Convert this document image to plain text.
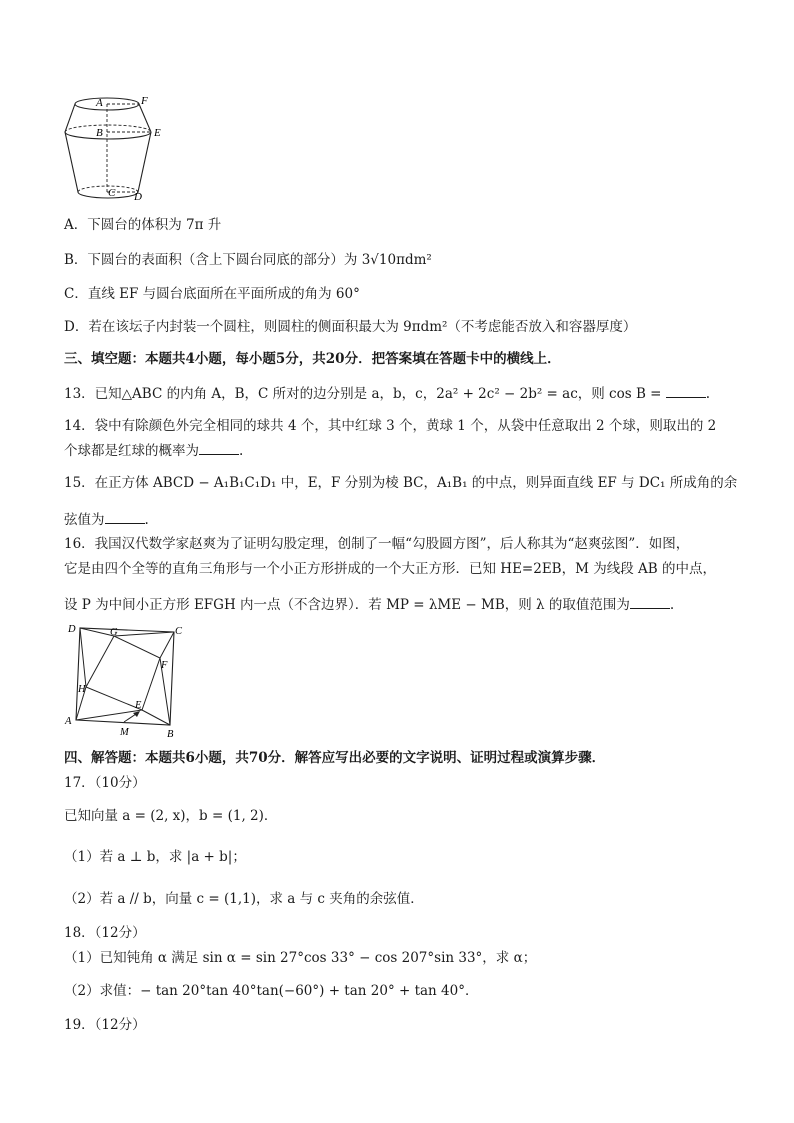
A	F
B	E
C D
A．下圆台的体积为 7π 升
B．下圆台的表面积（含上下圆台同底的部分）为 3√10πdm²
C．直线 EF 与圆台底面所在平面所成的角为 60°
D．若在该坛子内封装一个圆柱，则圆柱的侧面积最大为 9πdm²（不考虑能否放入和容器厚度）
三、填空题：本题共4小题，每小题5分，共20分．把答案填在答题卡中的横线上．
13．已知△ABC 的内角 A，B，C 所对的边分别是 a，b，c，2a² + 2c² − 2b² = ac，则 cos B =	.
14．袋中有除颜色外完全相同的球共 4 个，其中红球 3 个，黄球 1 个，从袋中任意取出 2 个球，则取出的 2
个球都是红球的概率为	.
15．在正方体 ABCD − A₁B₁C₁D₁ 中，E，F 分别为棱 BC，A₁B₁ 的中点，则异面直线 EF 与 DC₁ 所成角的余
弦值为	.
16．我国汉代数学家赵爽为了证明勾股定理，创制了一幅“勾股圆方图”，后人称其为“赵爽弦图”．如图，
它是由四个全等的直角三角形与一个小正方形拼成的一个大正方形．已知 HE=2EB，M 为线段 AB 的中点，
设 P 为中间小正方形 EFGH 内一点（不含边界）．若 MP = λME − MB，则 λ 的取值范围为	.
D	G	C
F
H
E
A
M	B
四、解答题：本题共6小题，共70分．解答应写出必要的文字说明、证明过程或演算步骤．
17．（10分）
已知向量 a = (2, x)，b = (1, 2)．
（1）若 a ⊥ b，求 |a + b|；
（2）若 a // b，向量 c = (1,1)，求 a 与 c 夹角的余弦值．
18．（12分）
（1）已知钝角 α 满足 sin α = sin 27°cos 33° − cos 207°sin 33°，求 α；
（2）求值：− tan 20°tan 40°tan(−60°) + tan 20° + tan 40°．
19．（12分）
